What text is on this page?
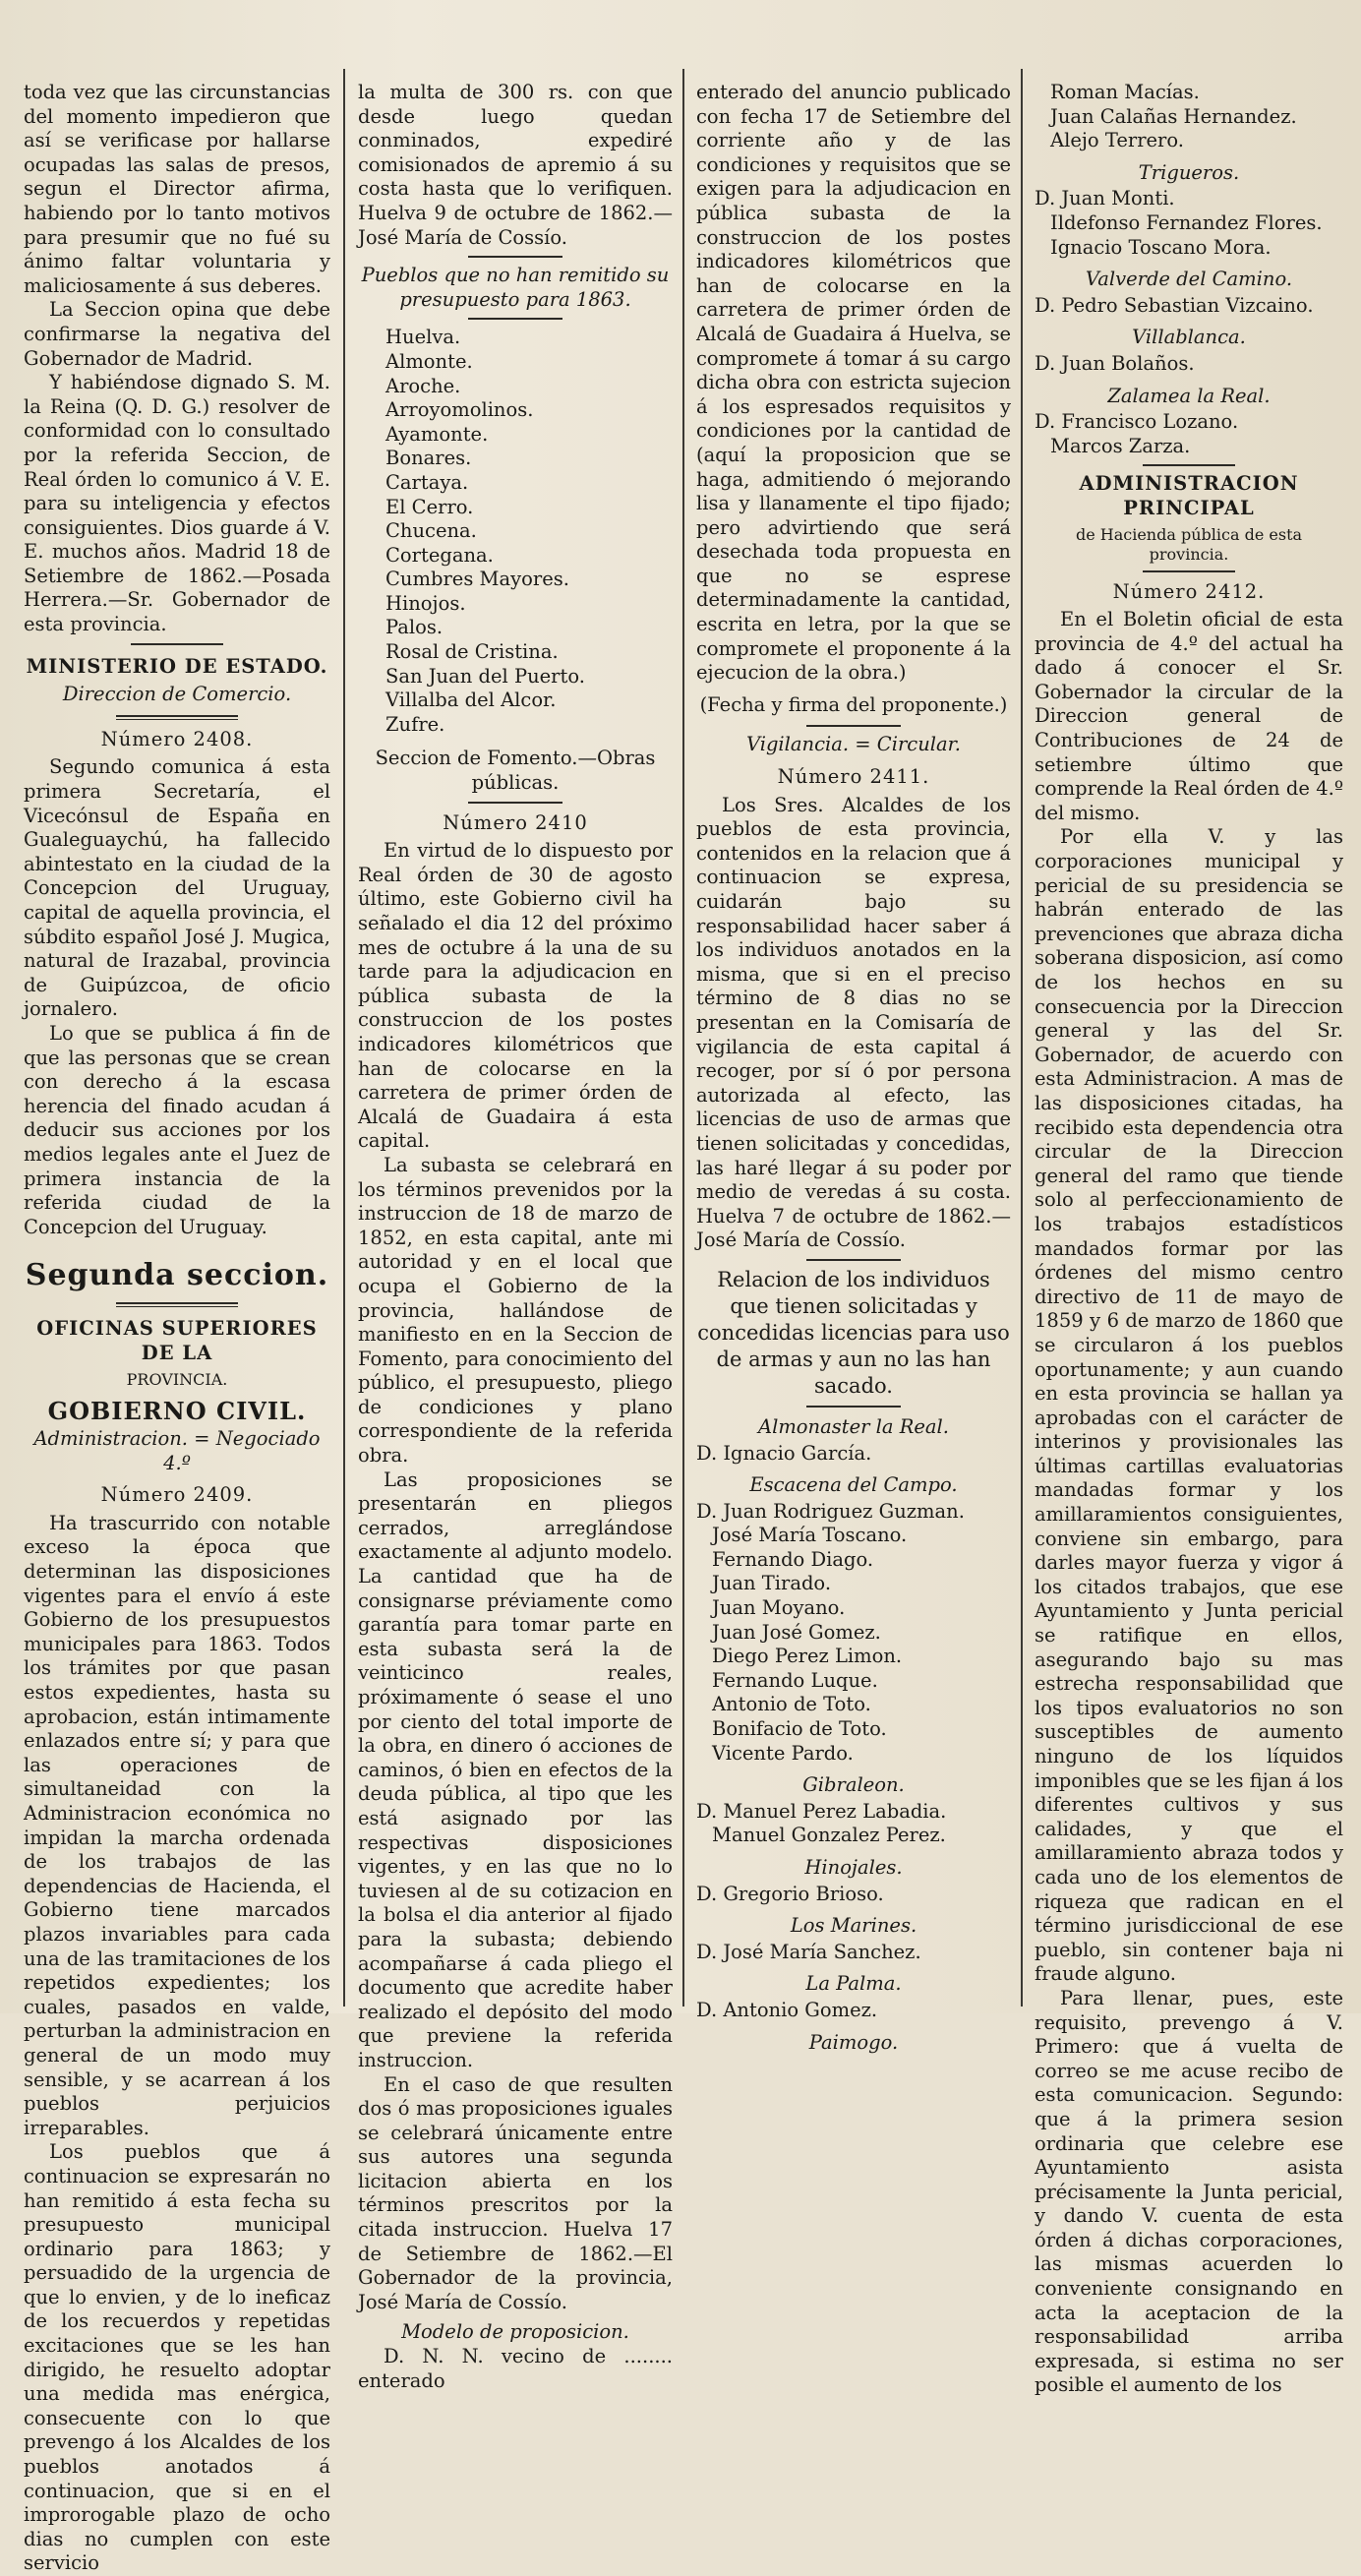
toda vez que las circunstancias del momento impedieron que así se verificase por hallarse ocupadas las salas de presos, segun el Director afirma, habiendo por lo tanto motivos para presumir que no fué su ánimo faltar voluntaria y maliciosamente á sus deberes.

La Seccion opina que debe confirmarse la negativa del Gobernador de Madrid.

Y habiéndose dignado S. M. la Reina (Q. D. G.) resolver de conformidad con lo consultado por la referida Seccion, de Real órden lo comunico á V. E. para su inteligencia y efectos consiguientes. Dios guarde á V. E. muchos años. Madrid 18 de Setiembre de 1862.—Posada Herrera.—Sr. Gobernador de esta provincia.

MINISTERIO DE ESTADO.
Direccion de Comercio.
Número 2408.

Segundo comunica á esta primera Secretaría, el Vicecónsul de España en Gualeguaychú, ha fallecido abintestato en la ciudad de la Concepcion del Uruguay, capital de aquella provincia, el súbdito español José J. Mugica, natural de Irazabal, provincia de Guipúzcoa, de oficio jornalero.

Lo que se publica á fin de que las personas que se crean con derecho á la escasa herencia del finado acudan á deducir sus acciones por los medios legales ante el Juez de primera instancia de la referida ciudad de la Concepcion del Uruguay.

Segunda seccion.
OFICINAS SUPERIORES DE LA
PROVINCIA.
GOBIERNO CIVIL.
Administracion. = Negociado 4.º
Número 2409.

Ha trascurrido con notable exceso la época que determinan las disposiciones vigentes para el envío á este Gobierno de los presupuestos municipales para 1863. Todos los trámites por que pasan estos expedientes, hasta su aprobacion, están intimamente enlazados entre sí; y para que las operaciones de simultaneidad con la Administracion económica no impidan la marcha ordenada de los trabajos de las dependencias de Hacienda, el Gobierno tiene marcados plazos invariables para cada una de las tramitaciones de los repetidos expedientes; los cuales, pasados en valde, perturban la administracion en general de un modo muy sensible, y se acarrean á los pueblos perjuicios irreparables.

Los pueblos que á continuacion se expresarán no han remitido á esta fecha su presupuesto municipal ordinario para 1863; y persuadido de la urgencia de que lo envien, y de lo ineficaz de los recuerdos y repetidas excitaciones que se les han dirigido, he resuelto adoptar una medida mas enérgica, consecuente con lo que prevengo á los Alcaldes de los pueblos anotados á continuacion, que si en el improrogable plazo de ocho dias no cumplen con este servicio

la multa de 300 rs. con que desde luego quedan conminados, expediré comisionados de apremio á su costa hasta que lo verifiquen. Huelva 9 de octubre de 1862.—José María de Cossío.

Pueblos que no han remitido su presupuesto para 1863.
Huelva.
Almonte.
Aroche.
Arroyomolinos.
Ayamonte.
Bonares.
Cartaya.
El Cerro.
Chucena.
Cortegana.
Cumbres Mayores.
Hinojos.
Palos.
Rosal de Cristina.
San Juan del Puerto.
Villalba del Alcor.
Zufre.
Seccion de Fomento.—Obras públicas.
Número 2410

En virtud de lo dispuesto por Real órden de 30 de agosto último, este Gobierno civil ha señalado el dia 12 del próximo mes de octubre á la una de su tarde para la adjudicacion en pública subasta de la construccion de los postes indicadores kilométricos que han de colocarse en la carretera de primer órden de Alcalá de Guadaira á esta capital.

La subasta se celebrará en los términos prevenidos por la instruccion de 18 de marzo de 1852, en esta capital, ante mi autoridad y en el local que ocupa el Gobierno de la provincia, hallándose de manifiesto en en la Seccion de Fomento, para conocimiento del público, el presupuesto, pliego de condiciones y plano correspondiente de la referida obra.

Las proposiciones se presentarán en pliegos cerrados, arreglándose exactamente al adjunto modelo. La cantidad que ha de consignarse préviamente como garantía para tomar parte en esta subasta será la de veinticinco reales, próximamente ó sease el uno por ciento del total importe de la obra, en dinero ó acciones de caminos, ó bien en efectos de la deuda pública, al tipo que les está asignado por las respectivas disposiciones vigentes, y en las que no lo tuviesen al de su cotizacion en la bolsa el dia anterior al fijado para la subasta; debiendo acompañarse á cada pliego el documento que acredite haber realizado el depósito del modo que previene la referida instruccion.

En el caso de que resulten dos ó mas proposiciones iguales se celebrará únicamente entre sus autores una segunda licitacion abierta en los términos prescritos por la citada instruccion. Huelva 17 de Setiembre de 1862.—El Gobernador de la provincia, José María de Cossío.

Modelo de proposicion.

D. N. N. vecino de ........ enterado

enterado del anuncio publicado con fecha 17 de Setiembre del corriente año y de las condiciones y requisitos que se exigen para la adjudicacion en pública subasta de la construccion de los postes indicadores kilométricos que han de colocarse en la carretera de primer órden de Alcalá de Guadaira á Huelva, se compromete á tomar á su cargo dicha obra con estricta sujecion á los espresados requisitos y condiciones por la cantidad de (aquí la proposicion que se haga, admitiendo ó mejorando lisa y llanamente el tipo fijado; pero advirtiendo que será desechada toda propuesta en que no se esprese determinadamente la cantidad, escrita en letra, por la que se compromete el proponente á la ejecucion de la obra.)

(Fecha y firma del proponente.)
Vigilancia. = Circular.
Número 2411.

Los Sres. Alcaldes de los pueblos de esta provincia, contenidos en la relacion que á continuacion se expresa, cuidarán bajo su responsabilidad hacer saber á los individuos anotados en la misma, que si en el preciso término de 8 dias no se presentan en la Comisaría de vigilancia de esta capital á recoger, por sí ó por persona autorizada al efecto, las licencias de uso de armas que tienen solicitadas y concedidas, las haré llegar á su poder por medio de veredas á su costa. Huelva 7 de octubre de 1862.—José María de Cossío.

Relacion de los individuos que tienen solicitadas y concedidas licencias para uso de armas y aun no las han sacado.
Almonaster la Real.
D. Ignacio García.
Escacena del Campo.
D. Juan Rodriguez Guzman.
José María Toscano.
Fernando Diago.
Juan Tirado.
Juan Moyano.
Juan José Gomez.
Diego Perez Limon.
Fernando Luque.
Antonio de Toto.
Bonifacio de Toto.
Vicente Pardo.
Gibraleon.
D. Manuel Perez Labadia.
Manuel Gonzalez Perez.
Hinojales.
D. Gregorio Brioso.
Los Marines.
D. José María Sanchez.
La Palma.
D. Antonio Gomez.
Paimogo.
Roman Macías.
Juan Calañas Hernandez.
Alejo Terrero.
Trigueros.
D. Juan Monti.
Ildefonso Fernandez Flores.
Ignacio Toscano Mora.
Valverde del Camino.
D. Pedro Sebastian Vizcaino.
Villablanca.
D. Juan Bolaños.
Zalamea la Real.
D. Francisco Lozano.
Marcos Zarza.
ADMINISTRACION PRINCIPAL
de Hacienda pública de esta provincia.
Número 2412.

En el Boletin oficial de esta provincia de 4.º del actual ha dado á conocer el Sr. Gobernador la circular de la Direccion general de Contribuciones de 24 de setiembre último que comprende la Real órden de 4.º del mismo.

Por ella V. y las corporaciones municipal y pericial de su presidencia se habrán enterado de las prevenciones que abraza dicha soberana disposicion, así como de los hechos en su consecuencia por la Direccion general y las del Sr. Gobernador, de acuerdo con esta Administracion. A mas de las disposiciones citadas, ha recibido esta dependencia otra circular de la Direccion general del ramo que tiende solo al perfeccionamiento de los trabajos estadísticos mandados formar por las órdenes del mismo centro directivo de 11 de mayo de 1859 y 6 de marzo de 1860 que se circularon á los pueblos oportunamente; y aun cuando en esta provincia se hallan ya aprobadas con el carácter de interinos y provisionales las últimas cartillas evaluatorias mandadas formar y los amillaramientos consiguientes, conviene sin embargo, para darles mayor fuerza y vigor á los citados trabajos, que ese Ayuntamiento y Junta pericial se ratifique en ellos, asegurando bajo su mas estrecha responsabilidad que los tipos evaluatorios no son susceptibles de aumento ninguno de los líquidos imponibles que se les fijan á los diferentes cultivos y sus calidades, y que el amillaramiento abraza todos y cada uno de los elementos de riqueza que radican en el término jurisdiccional de ese pueblo, sin contener baja ni fraude alguno.

Para llenar, pues, este requisito, prevengo á V. Primero: que á vuelta de correo se me acuse recibo de esta comunicacion. Segundo: que á la primera sesion ordinaria que celebre ese Ayuntamiento asista précisamente la Junta pericial, y dando V. cuenta de esta órden á dichas corporaciones, las mismas acuerden lo conveniente consignando en acta la aceptacion de la responsabilidad arriba expresada, si estima no ser posible el aumento de los
